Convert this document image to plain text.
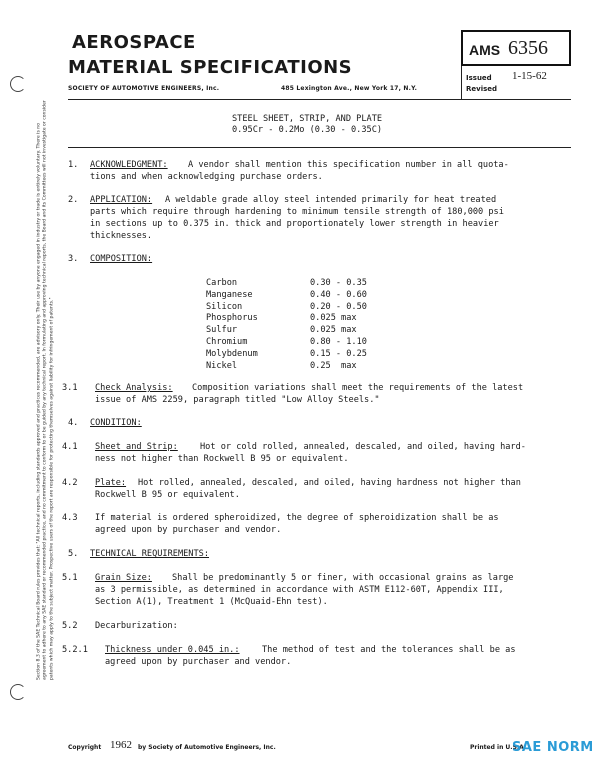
Section 8.3 of the SAE Technical Board rules provides that: "All technical reports, including standards approved and practices recommended, are advisory only. Their use by anyone engaged in industry or trade is entirely voluntary. There is no agreement to adhere to any SAE standard or recommended practice, and no commitment to conform to or be guided by any technical report. In formulating and approving technical reports, the Board and its Committees will not investigate or consider patents which may apply to the subject matter. Prospective users of the report are responsible for protecting themselves against liability for infringement of patents."
AEROSPACE
MATERIAL SPECIFICATIONS
SOCIETY OF AUTOMOTIVE ENGINEERS, Inc.	485 Lexington Ave., New York 17, N.Y.
AMS 6356
Issued 1-15-62
Revised
STEEL SHEET, STRIP, AND PLATE
0.95Cr - 0.2Mo (0.30 - 0.35C)
1. ACKNOWLEDGMENT: A vendor shall mention this specification number in all quota-
tions and when acknowledging purchase orders.
2. APPLICATION: A weldable grade alloy steel intended primarily for heat treated
parts which require through hardening to minimum tensile strength of 180,000 psi
in sections up to 0.375 in. thick and proportionately lower strength in heavier
thicknesses.
3. COMPOSITION:
Carbon	0.30 - 0.35
Manganese	0.40 - 0.60
Silicon	0.20 - 0.50
Phosphorus	0.025 max
Sulfur	0.025 max
Chromium	0.80 - 1.10
Molybdenum	0.15 - 0.25
Nickel	0.25  max
3.1 Check Analysis: Composition variations shall meet the requirements of the latest
issue of AMS 2259, paragraph titled "Low Alloy Steels."
4. CONDITION:
4.1 Sheet and Strip:	Hot or cold rolled, annealed, descaled, and oiled, having hard-
ness not higher than Rockwell B 95 or equivalent.
4.2 Plate: Hot rolled, annealed, descaled, and oiled, having hardness not higher than
Rockwell B 95 or equivalent.
4.3 If material is ordered spheroidized, the degree of spheroidization shall be as
agreed upon by purchaser and vendor.
5. TECHNICAL REQUIREMENTS:
5.1 Grain Size: Shall be predominantly 5 or finer, with occasional grains as large
as 3 permissible, as determined in accordance with ASTM E112-60T, Appendix III,
Section A(1), Treatment 1 (McQuaid-Ehn test).
5.2 Decarburization:
5.2.1 Thickness under 0.045 in.:	The method of test and the tolerances shall be as
agreed upon by purchaser and vendor.
Copyright 1962 by Society of Automotive Engineers, Inc.	Printed in U.S.A.
SAE NORM
